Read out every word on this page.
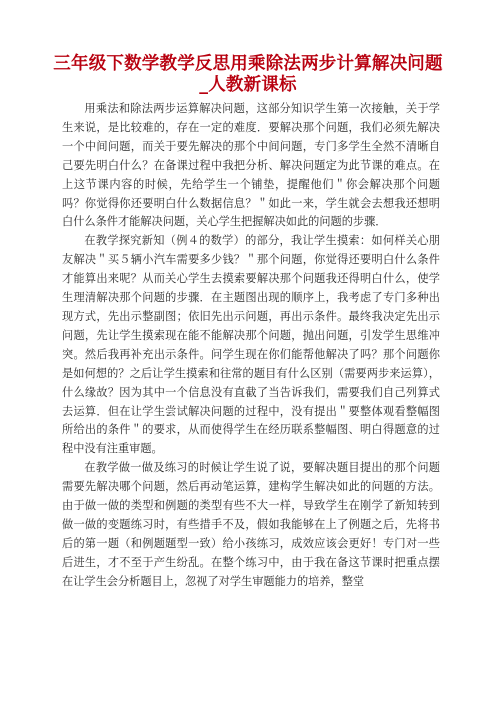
三年级下数学教学反思用乘除法两步计算解决问题_人教新课标

用乘法和除法两步运算解决问题，这部分知识学生第一次接触，关于学生来说，是比较难的，存在一定的难度．要解决那个问题，我们必须先解决一个中间问题，而关于要先解决的那个中间问题，专门多学生全然不清晰自己要先明白什么？在备课过程中我把分析、解决问题定为此节课的难点。在上这节课内容的时候，先给学生一个铺垫，提醒他们＂你会解决那个问题吗？你觉得你还要明白什么数据信息？＂如此一来，学生就会去想我还想明白什么条件才能解决问题，关心学生把握解决如此的问题的步骤．

在教学探究新知（例４的数学）的部分，我让学生摸索：如何样关心朋友解决＂买５辆小汽车需要多少钱？＂那个问题，你觉得还要明白什么条件才能算出来呢？从而关心学生去摸索要解决那个问题我还得明白什么，使学生理清解决那个问题的步骤．在主题图出现的顺序上，我考虑了专门多种出现方式，先出示整副图；依旧先出示问题，再出示条件。最终我决定先出示问题，先让学生摸索现在能不能解决那个问题，抛出问题，引发学生思维冲突。然后我再补充出示条件。问学生现在你们能帮他解决了吗？那个问题你是如何想的？之后让学生摸索和往常的题目有什么区别（需要两步来运算），什么缘故？因为其中一个信息没有直截了当告诉我们，需要我们自己列算式去运算．但在让学生尝试解决问题的过程中，没有提出＂要整体观看整幅图所给出的条件＂的要求，从而使得学生在经历联系整幅图、明白得题意的过程中没有注重审题。

在教学做一做及练习的时候让学生说了说，要解决题目提出的那个问题需要先解决哪个问题，然后再动笔运算，建构学生解决如此的问题的方法。由于做一做的类型和例题的类型有些不大一样，导致学生在刚学了新知转到做一做的变题练习时，有些措手不及，假如我能够在上了例题之后，先将书后的第一题（和例题题型一致）给小孩练习，成效应该会更好！专门对一些后进生，才不至于产生纷乱。在整个练习中，由于我在备这节课时把重点摆在让学生会分析题目上，忽视了对学生审题能力的培养，整堂
